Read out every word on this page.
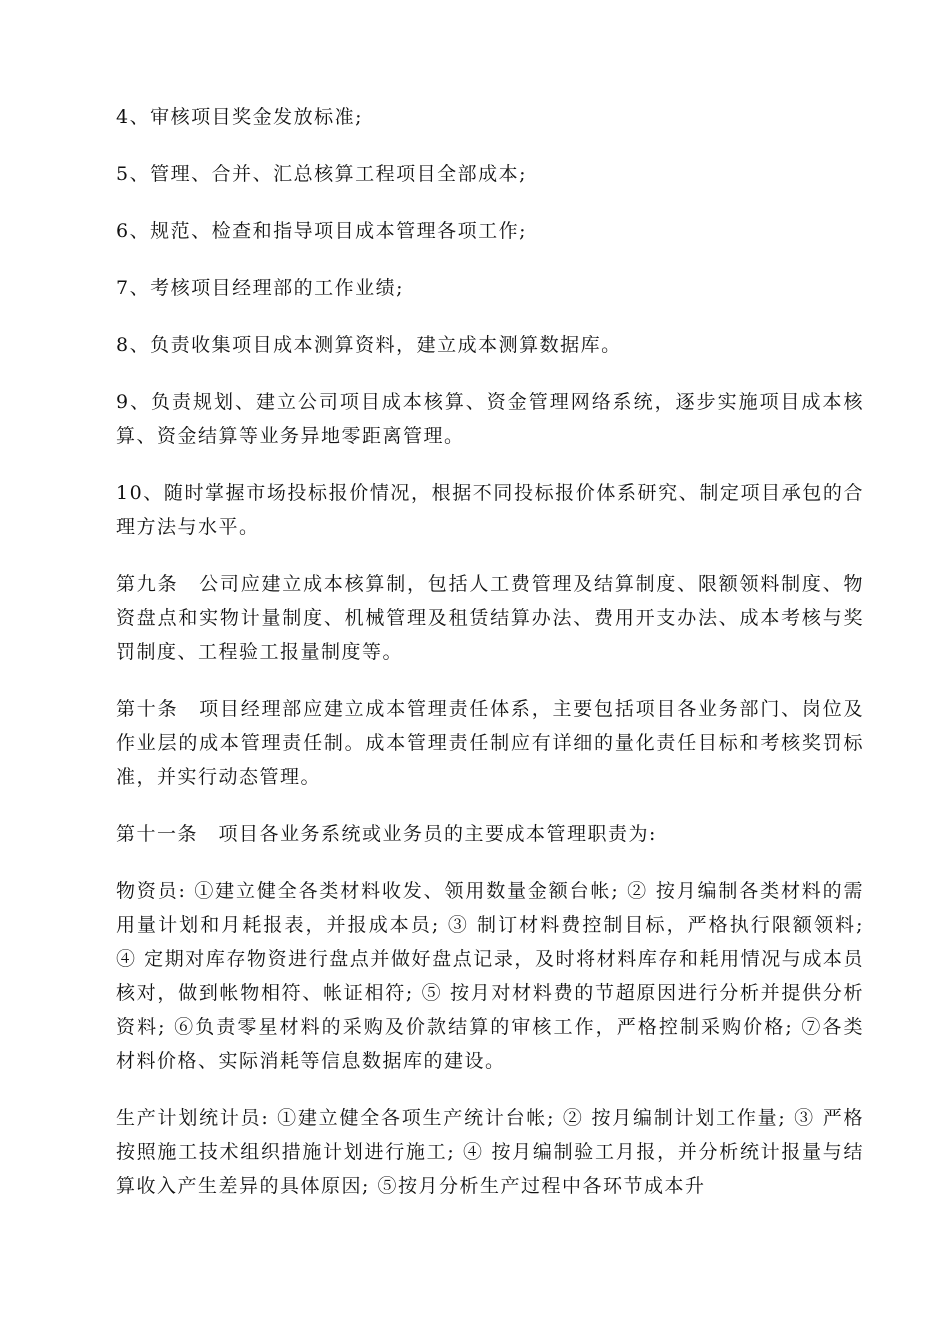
4、审核项目奖金发放标准;

5、管理、合并、汇总核算工程项目全部成本;

6、规范、检查和指导项目成本管理各项工作;

7、考核项目经理部的工作业绩;

8、负责收集项目成本测算资料，建立成本测算数据库。

9、负责规划、建立公司项目成本核算、资金管理网络系统，逐步实施项目成本核算、资金结算等业务异地零距离管理。

10、随时掌握市场投标报价情况，根据不同投标报价体系研究、制定项目承包的合理方法与水平。

第九条　公司应建立成本核算制，包括人工费管理及结算制度、限额领料制度、物资盘点和实物计量制度、机械管理及租赁结算办法、费用开支办法、成本考核与奖罚制度、工程验工报量制度等。

第十条　项目经理部应建立成本管理责任体系，主要包括项目各业务部门、岗位及作业层的成本管理责任制。成本管理责任制应有详细的量化责任目标和考核奖罚标准，并实行动态管理。

第十一条　项目各业务系统或业务员的主要成本管理职责为:

物资员: ①建立健全各类材料收发、领用数量金额台帐; ② 按月编制各类材料的需用量计划和月耗报表，并报成本员; ③ 制订材料费控制目标，严格执行限额领料; ④ 定期对库存物资进行盘点并做好盘点记录，及时将材料库存和耗用情况与成本员核对，做到帐物相符、帐证相符; ⑤ 按月对材料费的节超原因进行分析并提供分析资料; ⑥负责零星材料的采购及价款结算的审核工作，严格控制采购价格; ⑦各类材料价格、实际消耗等信息数据库的建设。

生产计划统计员: ①建立健全各项生产统计台帐; ② 按月编制计划工作量; ③ 严格按照施工技术组织措施计划进行施工; ④ 按月编制验工月报，并分析统计报量与结算收入产生差异的具体原因; ⑤按月分析生产过程中各环节成本升
